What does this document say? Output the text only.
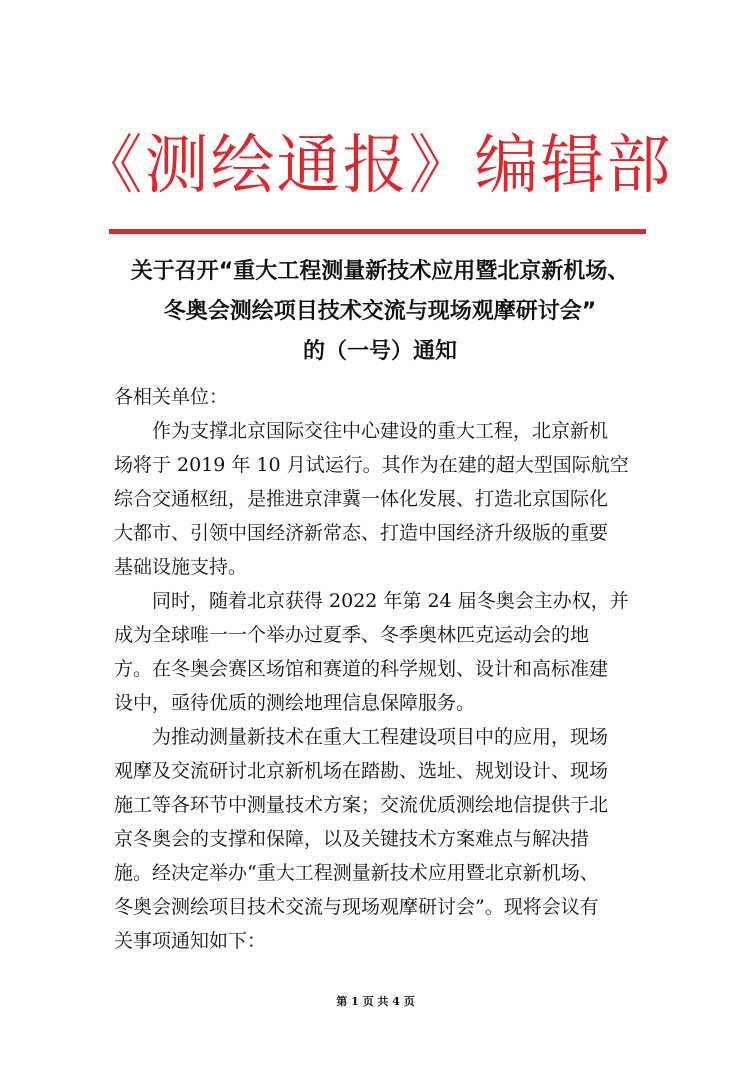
《测绘通报》编辑部
关于召开“重大工程测量新技术应用暨北京新机场、
冬奥会测绘项目技术交流与现场观摩研讨会”
的（一号）通知
各相关单位：
　　作为支撑北京国际交往中心建设的重大工程，北京新机
场将于 2019 年 10 月试运行。其作为在建的超大型国际航空
综合交通枢纽，是推进京津冀一体化发展、打造北京国际化
大都市、引领中国经济新常态、打造中国经济升级版的重要
基础设施支持。
　　同时，随着北京获得 2022 年第 24 届冬奥会主办权，并
成为全球唯一一个举办过夏季、冬季奥林匹克运动会的地
方。在冬奥会赛区场馆和赛道的科学规划、设计和高标准建
设中，亟待优质的测绘地理信息保障服务。
　　为推动测量新技术在重大工程建设项目中的应用，现场
观摩及交流研讨北京新机场在踏勘、选址、规划设计、现场
施工等各环节中测量技术方案；交流优质测绘地信提供于北
京冬奥会的支撑和保障，以及关键技术方案难点与解决措
施。经决定举办“重大工程测量新技术应用暨北京新机场、
冬奥会测绘项目技术交流与现场观摩研讨会”。现将会议有
关事项通知如下：
第 1 页 共 4 页
